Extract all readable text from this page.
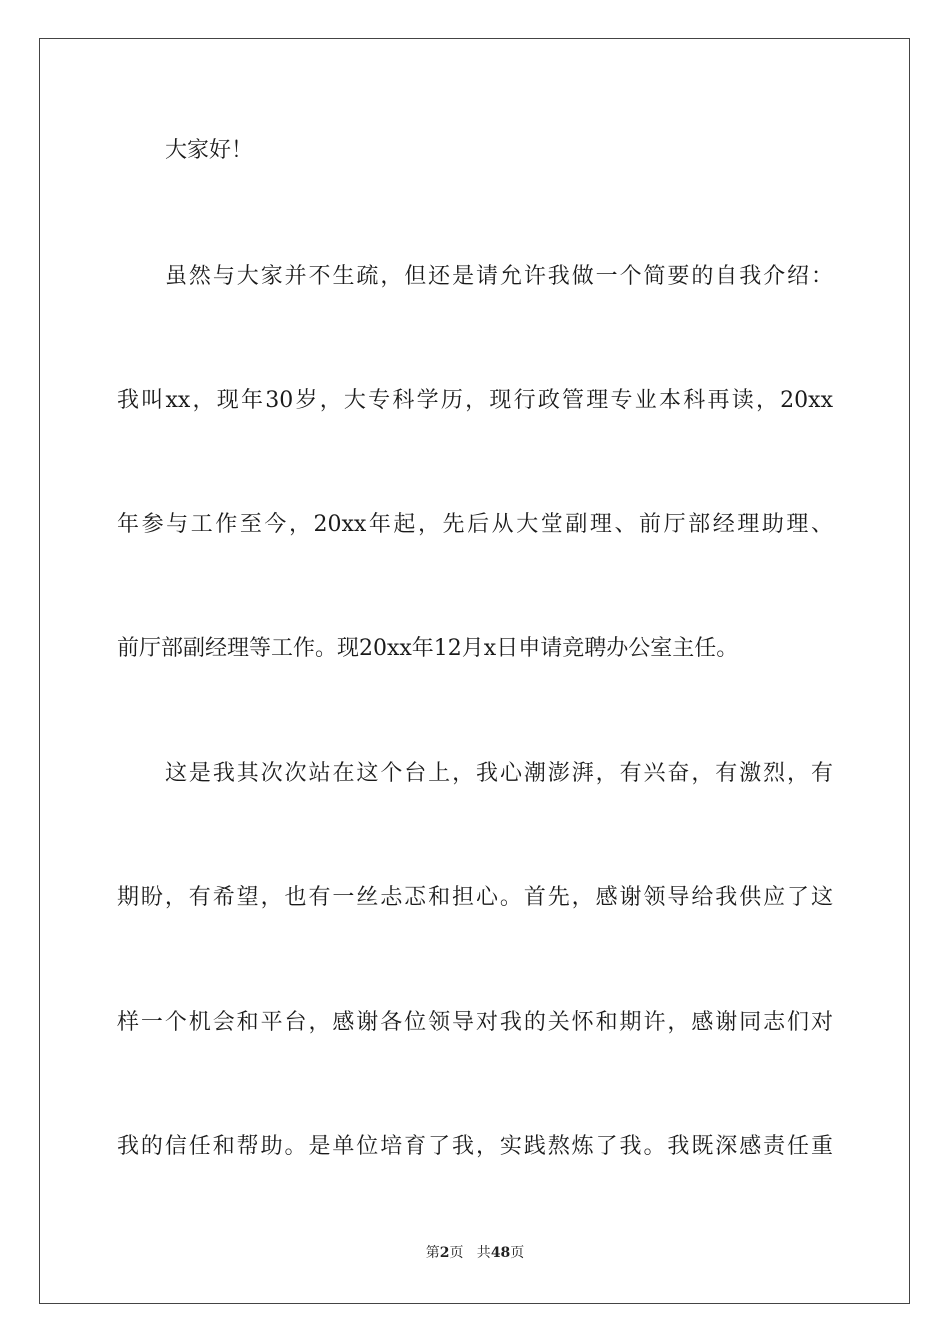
大家好！
虽然与大家并不生疏，但还是请允许我做一个简要的自我介绍：
我叫xx，现年30岁，大专科学历，现行政管理专业本科再读，20xx
年参与工作至今，20xx年起，先后从大堂副理、前厅部经理助理、
前厅部副经理等工作。现20xx年12月x日申请竞聘办公室主任。
这是我其次次站在这个台上，我心潮澎湃，有兴奋，有激烈，有
期盼，有希望，也有一丝忐忑和担心。首先，感谢领导给我供应了这
样一个机会和平台，感谢各位领导对我的关怀和期许，感谢同志们对
我的信任和帮助。是单位培育了我，实践熬炼了我。我既深感责任重
第2页   共48页
